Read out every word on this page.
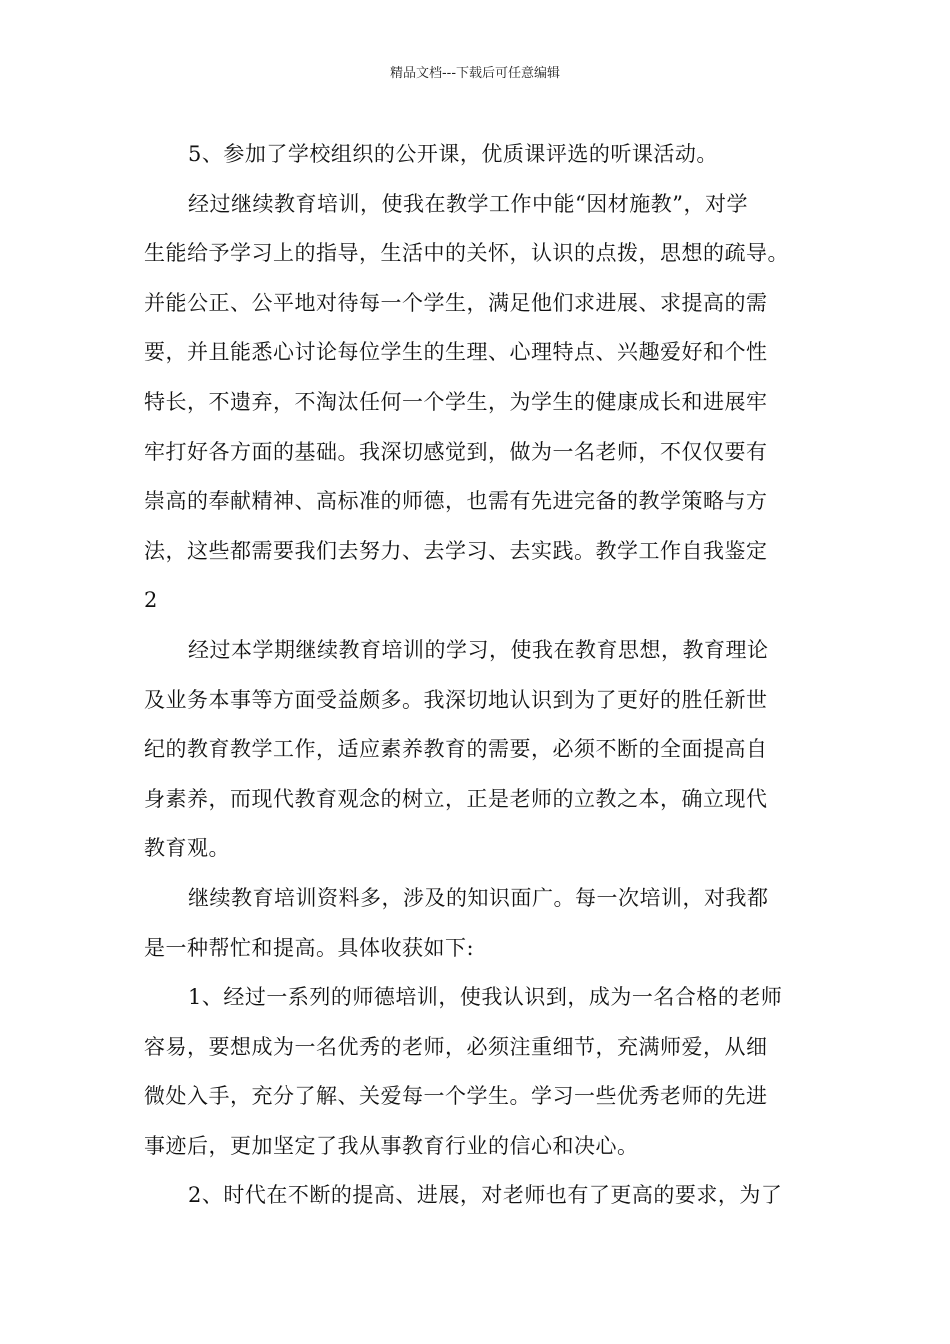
精品文档---下载后可任意编辑
5、参加了学校组织的公开课，优质课评选的听课活动。
经过继续教育培训，使我在教学工作中能“因材施教”，对学
生能给予学习上的指导，生活中的关怀，认识的点拨，思想的疏导。
并能公正、公平地对待每一个学生，满足他们求进展、求提高的需
要，并且能悉心讨论每位学生的生理、心理特点、兴趣爱好和个性
特长，不遗弃，不淘汰任何一个学生，为学生的健康成长和进展牢
牢打好各方面的基础。我深切感觉到，做为一名老师，不仅仅要有
崇高的奉献精神、高标准的师德，也需有先进完备的教学策略与方
法，这些都需要我们去努力、去学习、去实践。教学工作自我鉴定
2
经过本学期继续教育培训的学习，使我在教育思想，教育理论
及业务本事等方面受益颇多。我深切地认识到为了更好的胜任新世
纪的教育教学工作，适应素养教育的需要，必须不断的全面提高自
身素养，而现代教育观念的树立，正是老师的立教之本，确立现代
教育观。
继续教育培训资料多，涉及的知识面广。每一次培训，对我都
是一种帮忙和提高。具体收获如下:
1、经过一系列的师德培训，使我认识到，成为一名合格的老师
容易，要想成为一名优秀的老师，必须注重细节，充满师爱，从细
微处入手，充分了解、关爱每一个学生。学习一些优秀老师的先进
事迹后，更加坚定了我从事教育行业的信心和决心。
2、时代在不断的提高、进展，对老师也有了更高的要求，为了
